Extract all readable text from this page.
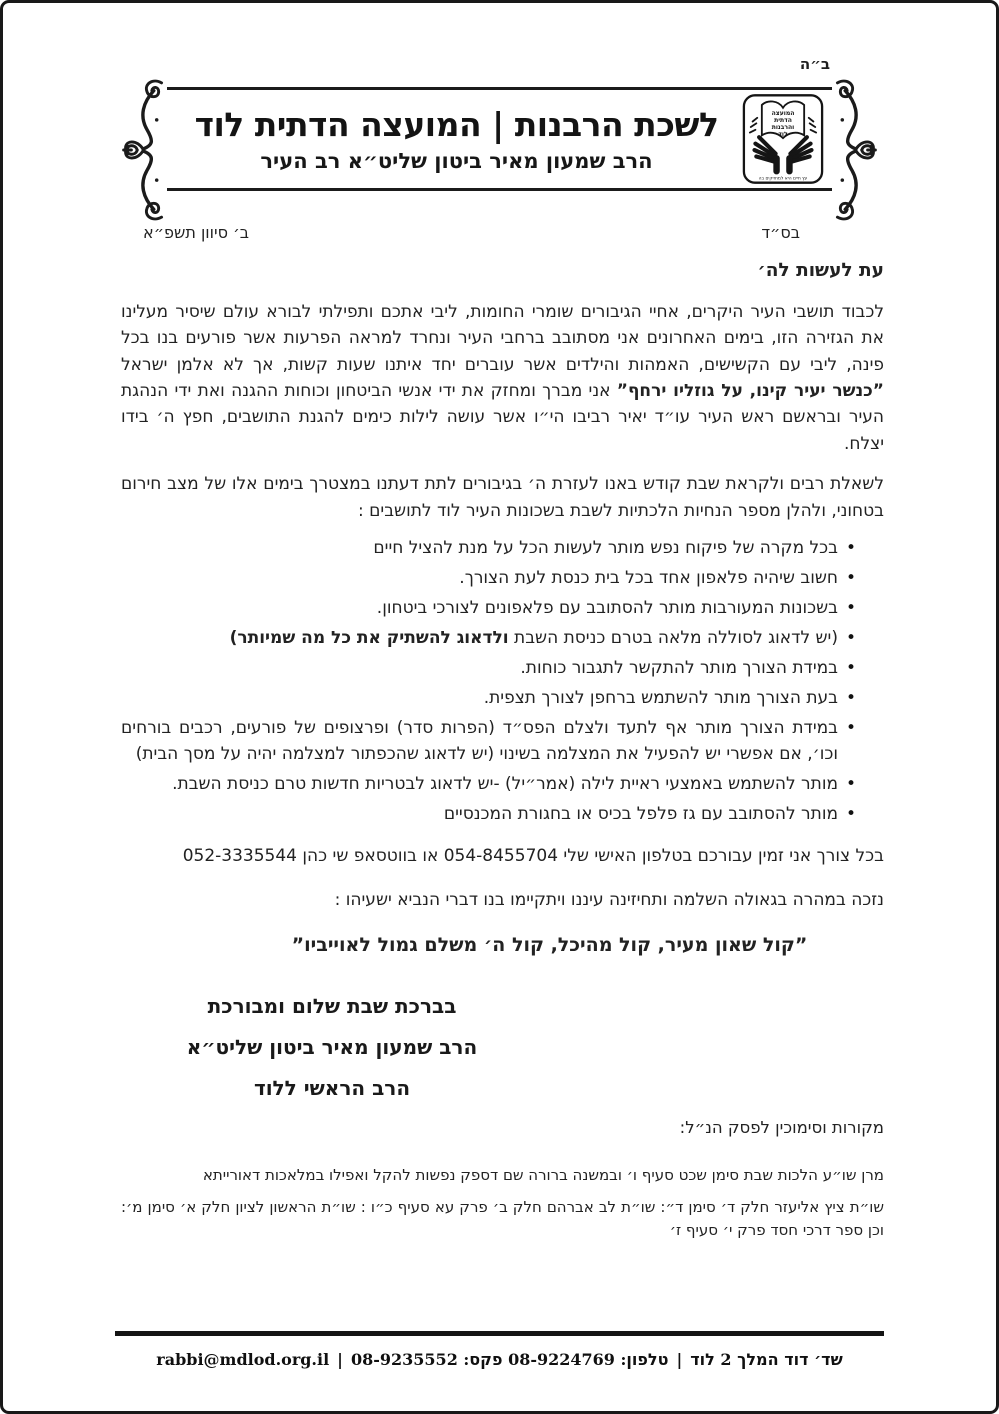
ב״ה
המועצה
הדתית
והרבנות
לוד
עץ חיים היא למחזיקים בה
לשכת הרבנות | המועצה הדתית לוד
הרב שמעון מאיר ביטון שליט״א רב העיר
בס״ד
ב׳ סיוון תשפ״א
עת לעשות לה׳

לכבוד תושבי העיר היקרים, אחיי הגיבורים שומרי החומות, ליבי אתכם ותפילתי לבורא עולם שיסיר מעלינו את הגזירה הזו, בימים האחרונים אני מסתובב ברחבי העיר ונחרד למראה הפרעות אשר פורעים בנו בכל פינה, ליבי עם הקשישים, האמהות והילדים אשר עוברים יחד איתנו שעות קשות, אך לא אלמן ישראל ”כנשר יעיר קינו, על גוזליו ירחף” אני מברך ומחזק את ידי אנשי הביטחון וכוחות ההגנה ואת ידי הנהגת העיר ובראשם ראש העיר עו״ד יאיר רביבו הי״ו אשר עושה לילות כימים להגנת התושבים, חפץ ה׳ בידו יצלח.

לשאלת רבים ולקראת שבת קודש באנו לעזרת ה׳ בגיבורים לתת דעתנו במצטרך בימים אלו של מצב חירום בטחוני, ולהלן מספר הנחיות הלכתיות לשבת בשכונות העיר לוד לתושבים :

• בכל מקרה של פיקוח נפש מותר לעשות הכל על מנת להציל חיים
• חשוב שיהיה פלאפון אחד בכל בית כנסת לעת הצורך.
• בשכונות המעורבות מותר להסתובב עם פלאפונים לצורכי ביטחון.
• (יש לדאוג לסוללה מלאה בטרם כניסת השבת ולדאוג להשתיק את כל מה שמיותר)
• במידת הצורך מותר להתקשר לתגבור כוחות.
• בעת הצורך מותר להשתמש ברחפן לצורך תצפית.
• במידת הצורך מותר אף לתעד ולצלם הפס״ד (הפרות סדר) ופרצופים של פורעים, רכבים בורחים וכו׳, אם אפשרי יש להפעיל את המצלמה בשינוי (יש לדאוג שהכפתור למצלמה יהיה על מסך הבית)
• מותר להשתמש באמצעי ראיית לילה (אמר״יל) -יש לדאוג לבטריות חדשות טרם כניסת השבת.
• מותר להסתובב עם גז פלפל בכיס או בחגורת המכנסיים

בכל צורך אני זמין עבורכם בטלפון האישי שלי 054-8455704 או בווטסאפ שי כהן 052-3335544

נזכה במהרה בגאולה השלמה ותחיזינה עיננו ויתקיימו בנו דברי הנביא ישעיהו :

”קול שאון מעיר, קול מהיכל, קול ה׳ משלם גמול לאוייביו”

בברכת שבת שלום ומבורכת
הרב שמעון מאיר ביטון שליט״א
הרב הראשי ללוד
מקורות וסימוכין לפסק הנ״ל:

מרן שו״ע הלכות שבת סימן שכט סעיף ו׳ ובמשנה ברורה שם דספק נפשות להקל ואפילו במלאכות דאורייתא

שו״ת ציץ אליעזר חלק ד׳ סימן ד״: שו״ת לב אברהם חלק ב׳ פרק עא סעיף כ״ו : שו״ת הראשון לציון חלק א׳ סימן מ׳: וכן ספר דרכי חסד פרק י׳ סעיף ז׳

שד׳ דוד המלך 2 לוד|טלפון: 08-9224769 פקס: 08-9235552|rabbi@mdlod.org.il
